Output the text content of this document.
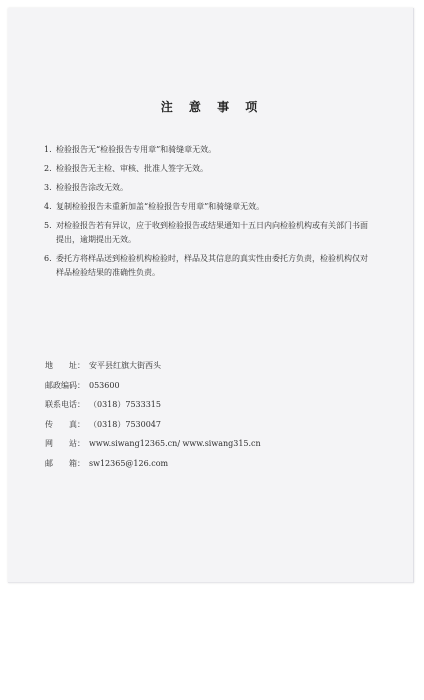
注 意 事 项
1. 检验报告无“检验报告专用章”和骑缝章无效。
2. 检验报告无主检、审核、批准人签字无效。
3. 检验报告涂改无效。
4. 复制检验报告未重新加盖“检验报告专用章”和骑缝章无效。
5. 对检验报告若有异议，应于收到检验报告或结果通知十五日内向检验机构或有关部门书面提出，逾期提出无效。
6. 委托方将样品送到检验机构检验时，样品及其信息的真实性由委托方负责，检验机构仅对样品检验结果的准确性负责。
地　　址： 安平县红旗大街西头
邮政编码： 053600
联系电话： （0318）7533315
传　　真： （0318）7530047
网　　站： www.siwang12365.cn/ www.siwang315.cn
邮　　箱： sw12365@126.com
